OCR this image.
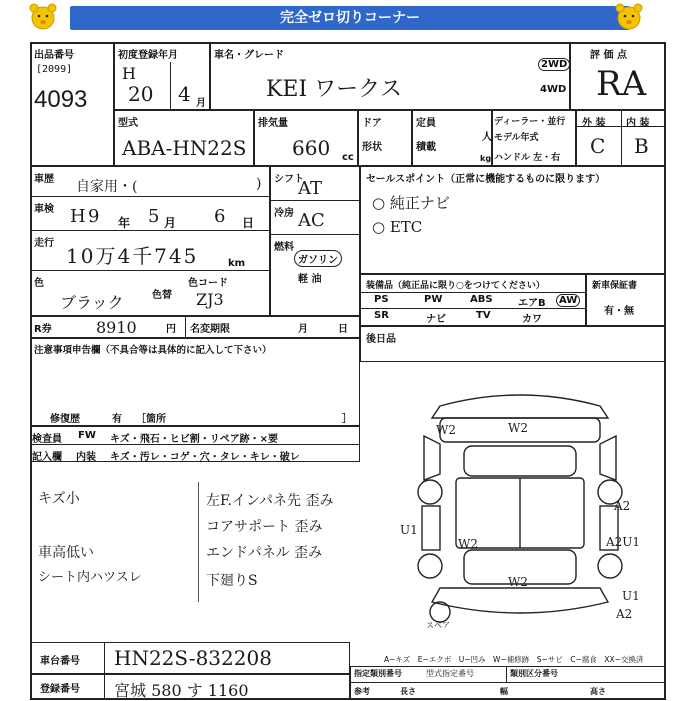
完全ゼロ切りコーナー
出品番号
[2099]
4093
初度登録年月
H
20 4 月
車名・グレード
KEI ワークス
2WD
4WD
評 価 点
RA
型式
ABA-HN22S
排気量
660 cc
ドア
形状
定員
人
積載
kg
ディーラー・並行
モデル年式
ハンドル 左・右
外 装 内 装
C B
車歴 自家用・(	)
車検 H 9 年 5 月 6 日
走行
10万4千745	km
色
ブラック	色替
色コード
ZJ3
シフト
AT
冷房 AC
燃料
ガソリン
軽 油
R券	8910	円 名変期限	月　　　日
セールスポイント（正常に機能するものに限ります）
○ 純正ナビ
○ ETC
装備品（純正品に限り○をつけてください）
PS	PW	ABS	エアB	AW
SR	ナビ	TV	カワ
新車保証書
有・無
後日品
注意事項申告欄（不具合等は具体的に記入して下さい）
修復歴	有 ［箇所	］
検査員 FW キズ・飛石・ヒビ割・リペア跡・×要
記入欄 内装 キズ・汚レ・コゲ・穴・タレ・キレ・破レ
キズ小
車高低い
シート内ハツスレ
左F.インパネ先 歪み
コアサポート 歪み
エンドパネル 歪み
下廻りS
W2	W2
A2
U1
W2	A2U1
W2
U1
A2
スペア
車台番号 HN22S-832208
登録番号 宮城 580 す 1160
A−キズ　E−エクボ　U−凹み　W−補修跡　S−サビ　C−腐食　XX−交換済
指定類別番号	型式指定番号	類別区分番号
参考	長さ	幅	高さ
